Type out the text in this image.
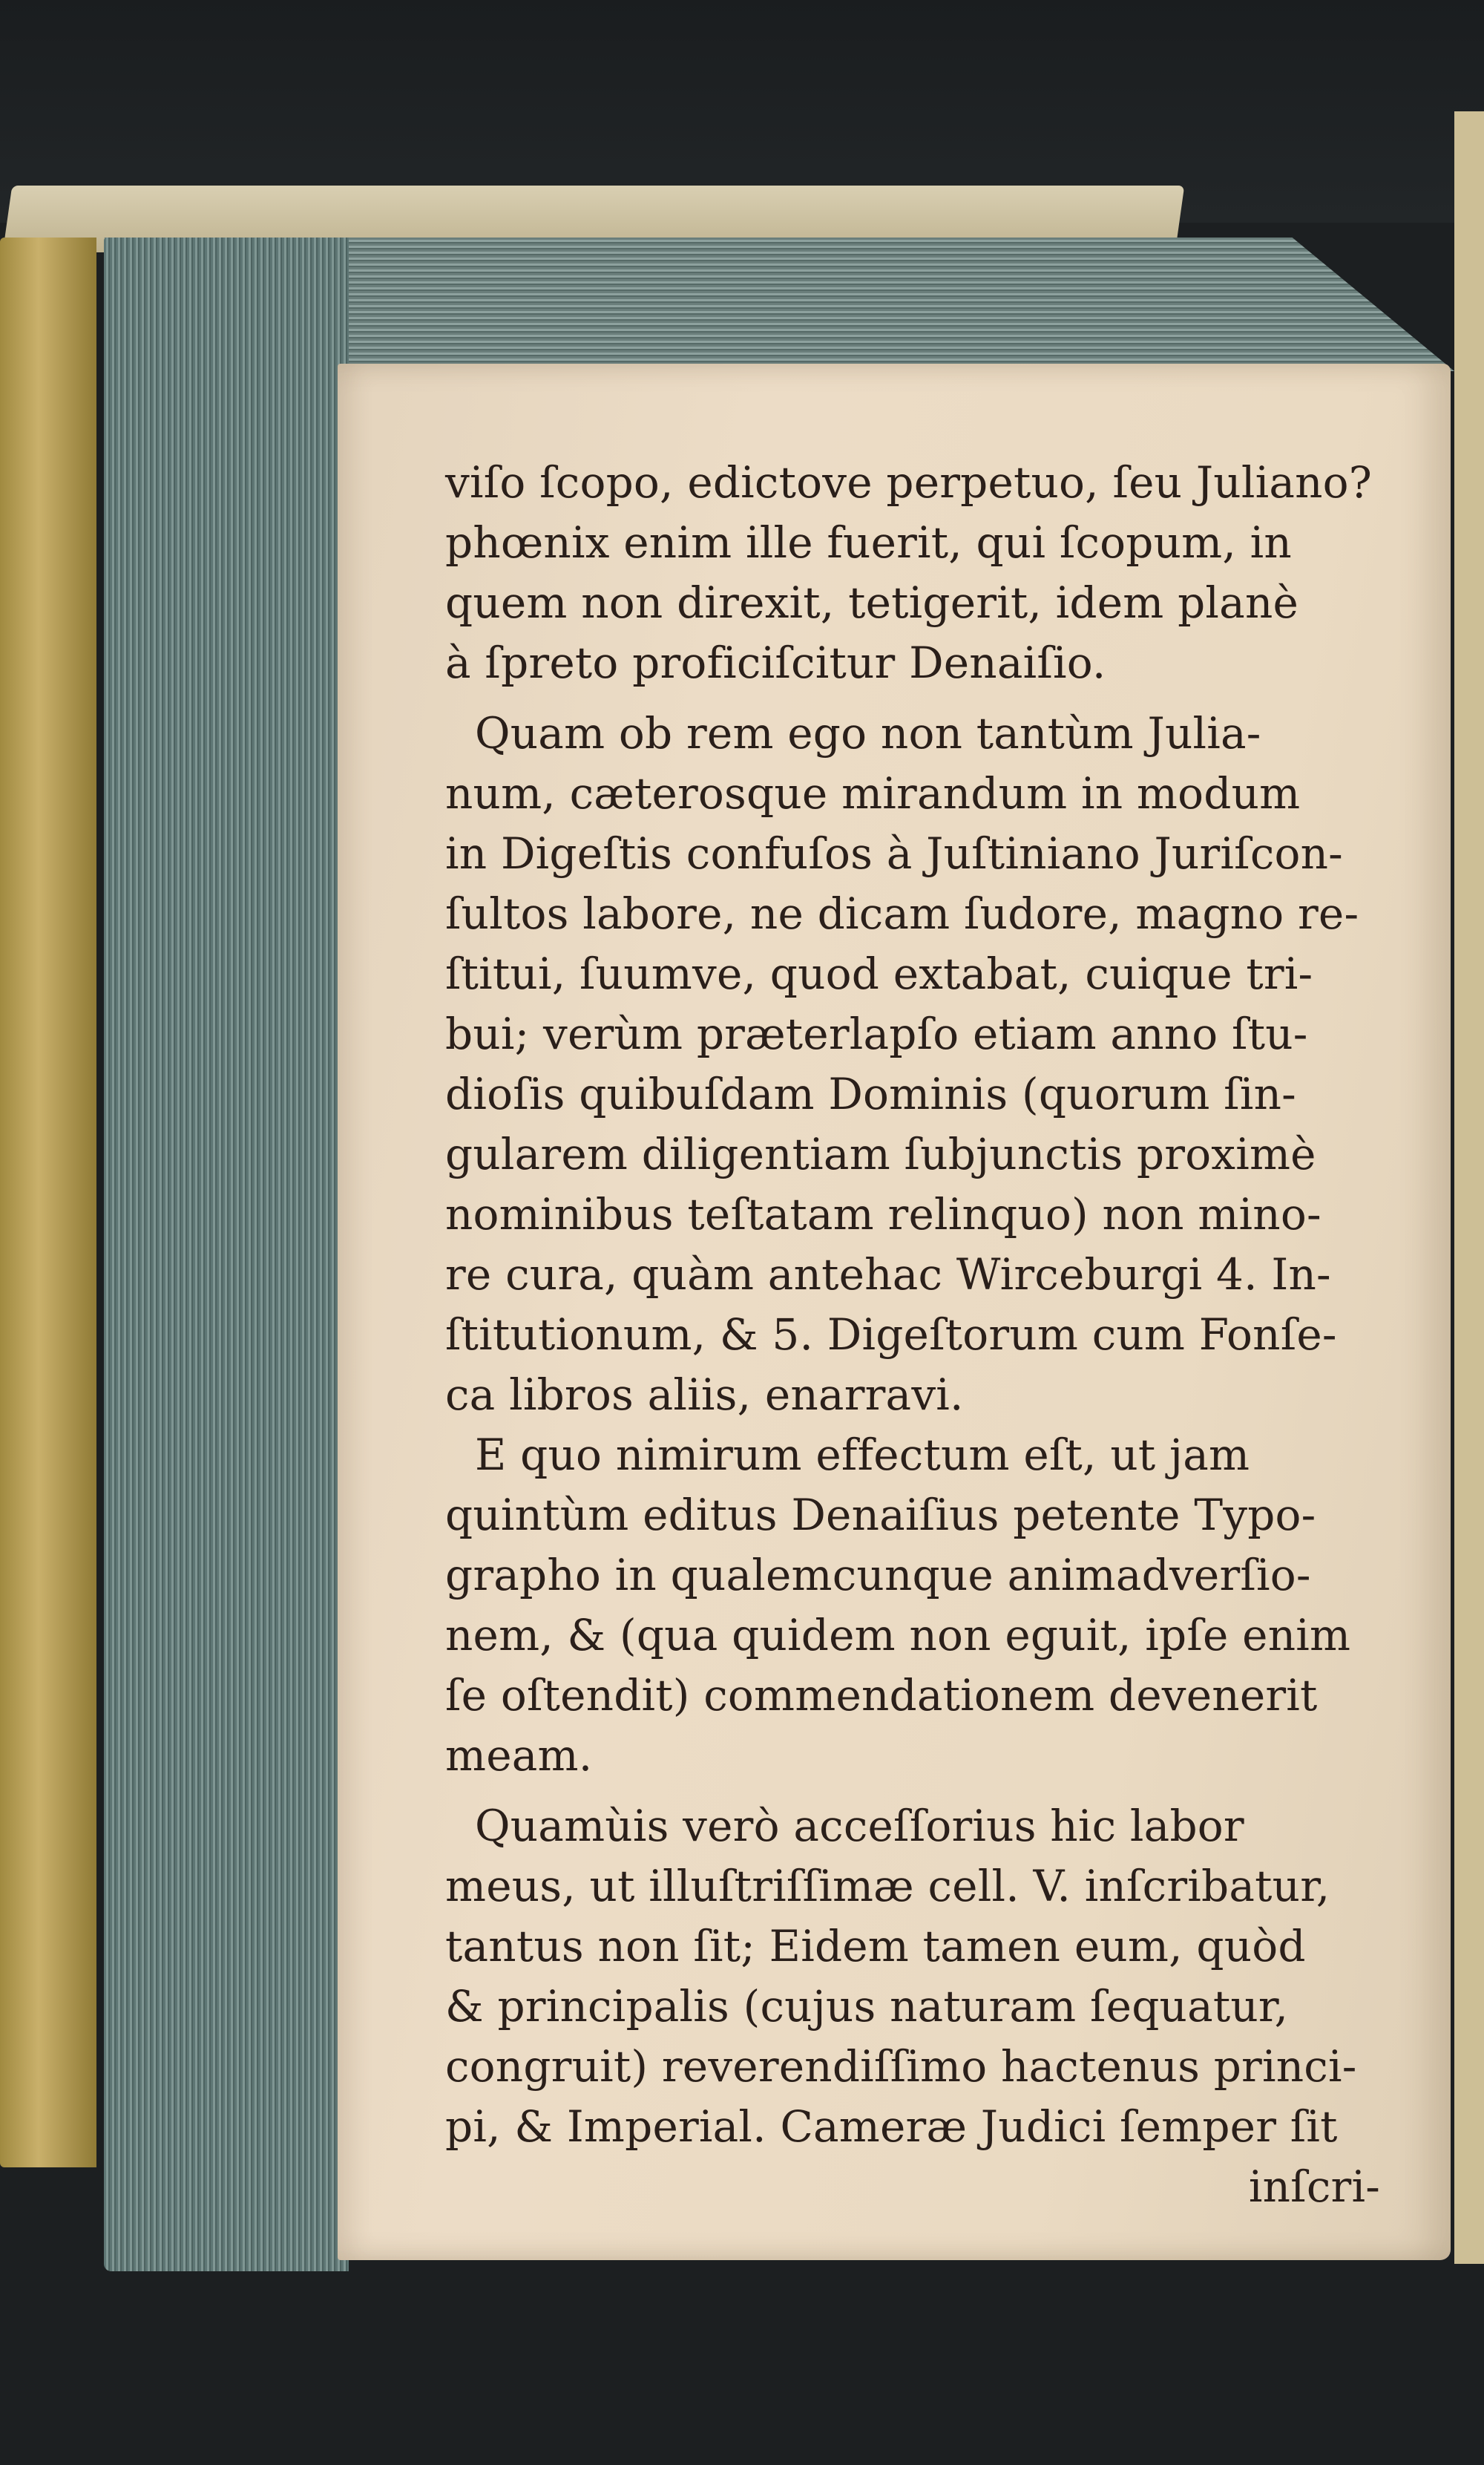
viſo ſcopo, edictove perpetuo, ſeu Juliano?
phœnix enim ille fuerit, qui ſcopum, in
quem non direxit, tetigerit, idem planè
à ſpreto proficiſcitur Denaiſio.
Quam ob rem ego non tantùm Julia-
num, cæterosque mirandum in modum
in Digeſtis confuſos à Juſtiniano Juriſcon-
ſultos labore, ne dicam ſudore, magno re-
ſtitui, ſuumve, quod extabat, cuique tri-
bui; verùm præterlapſo etiam anno ſtu-
dioſis quibuſdam Dominis (quorum ſin-
gularem diligentiam ſubjunctis proximè
nominibus teſtatam relinquo) non mino-
re cura, quàm antehac Wirceburgi 4. In-
ſtitutionum, & 5. Digeſtorum cum Fonſe-
ca libros aliis, enarravi.
E quo nimirum effectum eſt, ut jam
quintùm editus Denaiſius petente Typo-
grapho in qualemcunque animadverſio-
nem, & (qua quidem non eguit, ipſe enim
ſe oſtendit) commendationem devenerit
meam.
Quamùis verò acceſſorius hic labor
meus, ut illuſtriſſimæ cell. V. inſcribatur,
tantus non ſit; Eidem tamen eum, quòd
& principalis (cujus naturam ſequatur,
congruit) reverendiſſimo hactenus princi-
pi, & Imperial. Cameræ Judici ſemper ſit
inſcri-
